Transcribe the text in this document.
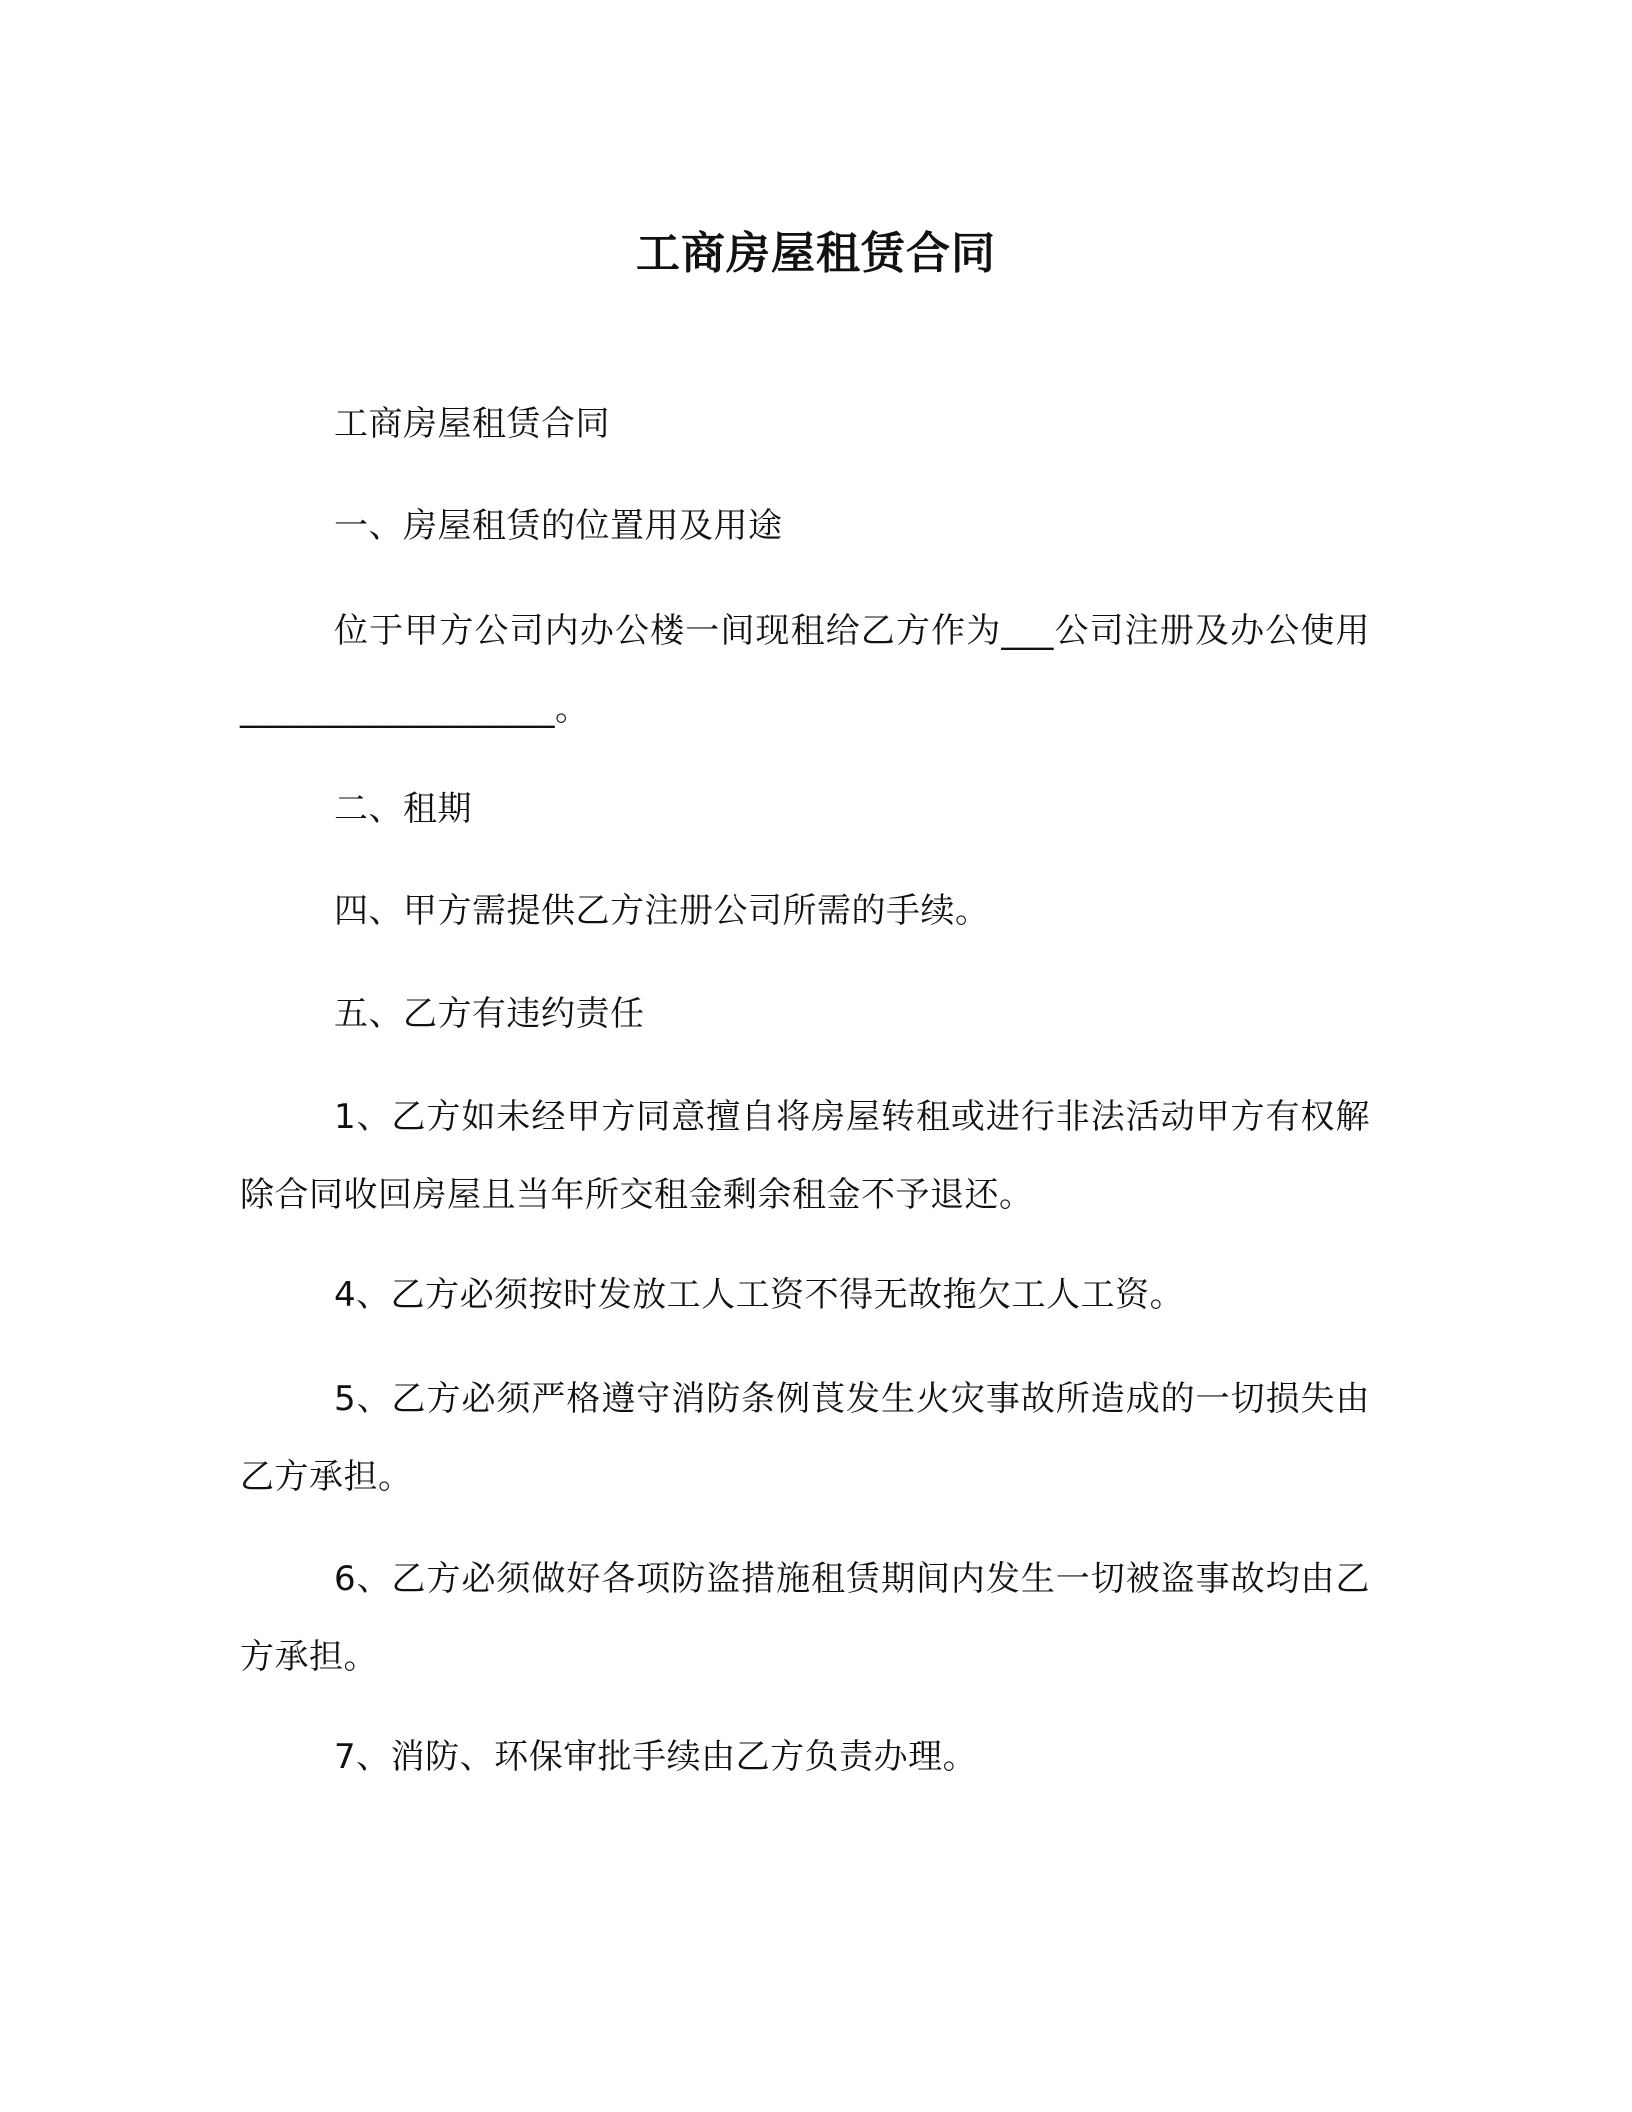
工商房屋租赁合同
工商房屋租赁合同
一、房屋租赁的位置用及用途
位于甲方公司内办公楼一间现租给乙方作为___公司注册及办公使用__________________。
二、租期
四、甲方需提供乙方注册公司所需的手续。
五、乙方有违约责任
1、乙方如未经甲方同意擅自将房屋转租或进行非法活动甲方有权解除合同收回房屋且当年所交租金剩余租金不予退还。
4、乙方必须按时发放工人工资不得无故拖欠工人工资。
5、乙方必须严格遵守消防条例莨发生火灾事故所造成的一切损失由乙方承担。
6、乙方必须做好各项防盗措施租赁期间内发生一切被盗事故均由乙方承担。
7、消防、环保审批手续由乙方负责办理。
